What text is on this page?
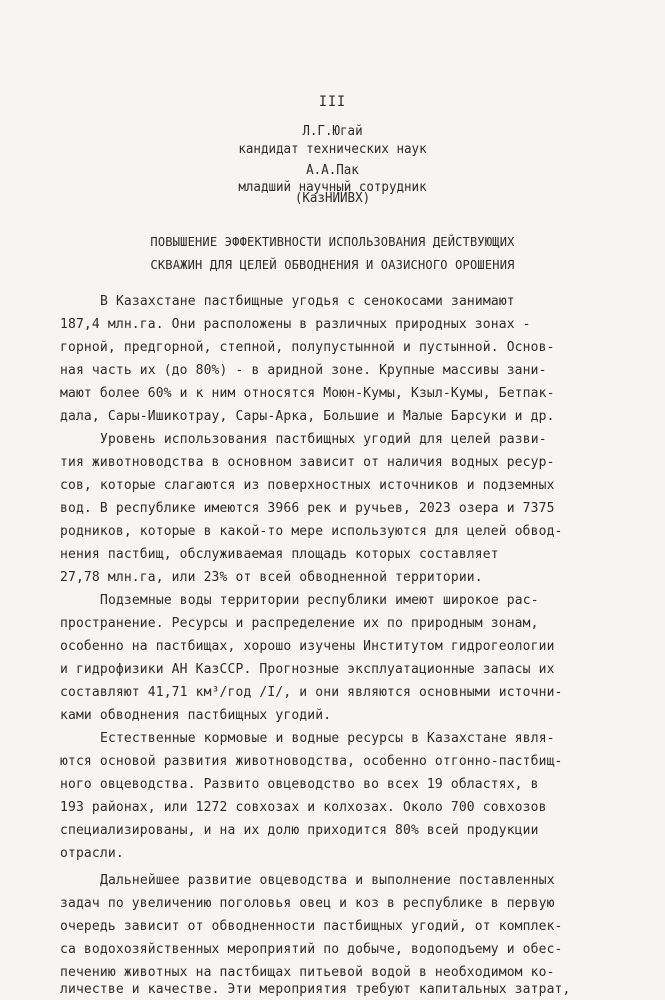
III
Л.Г.Югай
кандидат технических наук
А.А.Пак
младший научный сотрудник
(КазНИИВХ)
ПОВЫШЕНИЕ ЭФФЕКТИВНОСТИ ИСПОЛЬЗОВАНИЯ ДЕЙСТВУЮЩИХ
СКВАЖИН ДЛЯ ЦЕЛЕЙ ОБВОДНЕНИЯ И ОАЗИСНОГО ОРОШЕНИЯ
В Казахстане пастбищные угодья с сенокосами занимают
187,4 млн.га. Они расположены в различных природных зонах -
горной, предгорной, степной, полупустынной и пустынной. Основ-
ная часть их (до 80%) - в аридной зоне. Крупные массивы зани-
мают более 60% и к ним относятся Моюн-Кумы, Кзыл-Кумы, Бетпак-
дала, Сары-Ишикотрау, Сары-Арка, Большие и Малые Барсуки и др.
Уровень использования пастбищных угодий для целей разви-
тия животноводства в основном зависит от наличия водных ресур-
сов, которые слагаются из поверхностных источников и подземных
вод. В республике имеются 3966 рек и ручьев, 2023 озера и 7375
родников, которые в какой-то мере используются для целей обвод-
нения пастбищ, обслуживаемая площадь которых составляет
27,78 млн.га, или 23% от всей обводненной территории.
Подземные воды территории республики имеют широкое рас-
пространение. Ресурсы и распределение их по природным зонам,
особенно на пастбищах, хорошо изучены Институтом гидрогеологии
и гидрофизики АН КазССР. Прогнозные эксплуатационные запасы их
составляют 41,71 км³/год /I/, и они являются основными источни-
ками обводнения пастбищных угодий.
Естественные кормовые и водные ресурсы в Казахстане явля-
ются основой развития животноводства, особенно отгонно-пастбищ-
ного овцеводства. Развито овцеводство во всех 19 областях, в
193 районах, или 1272 совхозах и колхозах. Около 700 совхозов
специализированы, и на их долю приходится 80% всей продукции
отрасли.
Дальнейшее развитие овцеводства и выполнение поставленных
задач по увеличению поголовья овец и коз в республике в первую
очередь зависит от обводненности пастбищных угодий, от комплек-
са водохозяйственных мероприятий по добыче, водоподъему и обес-
печению животных на пастбищах питьевой водой в необходимом ко-
личестве и качестве. Эти мероприятия требуют капитальных затрат,
